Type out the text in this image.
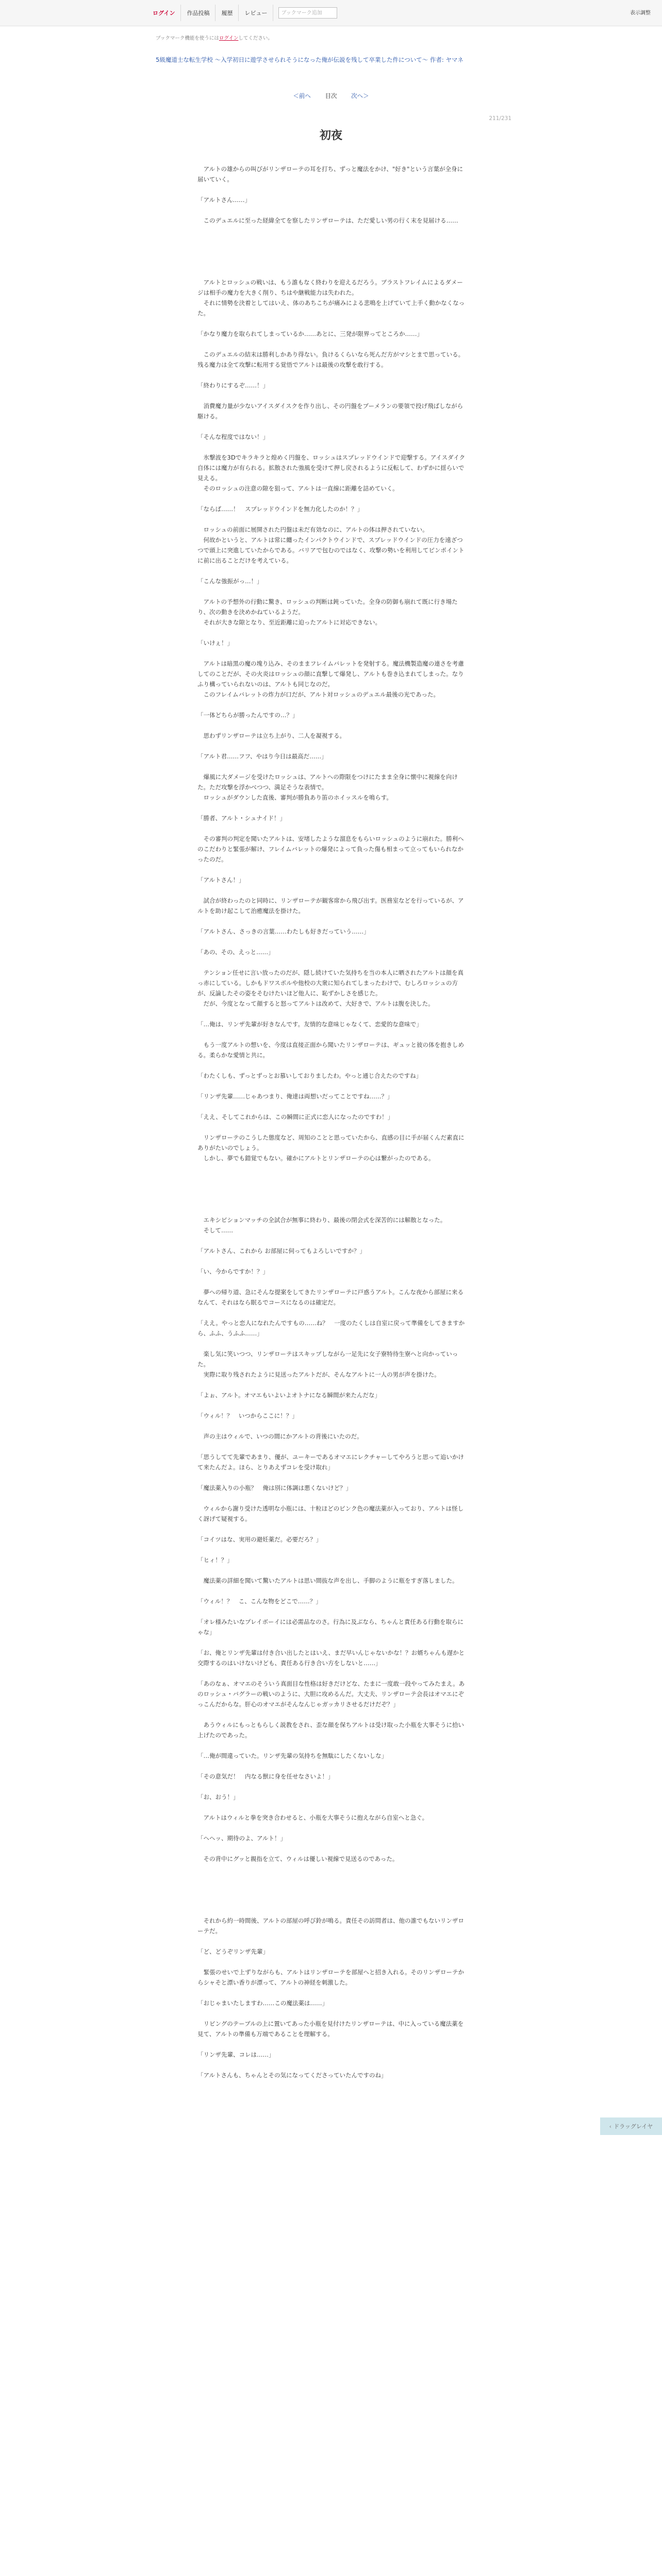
ログイン	作品投稿	履歴	レビュー
ブックマーク追加	表示調整
ブックマーク機能を使うにはログインしてください。
5級魔道士な転生学校 〜入学初日に遊学させられそうになった俺が伝説を残して卒業した件について〜 作者: ヤマネ
＜前へ 目次 次へ＞
211/231
初夜

　アルトの雄からの叫びがリンザローテの耳を打ち、ずっと魔法をかけ、"好き"という言葉が全身に届いていく。

「アルトさん……」

　このデュエルに至った経緯全てを察したリンザローテは、ただ愛しい男の行く末を見届ける……

　アルトとロッシュの戦いは、もう誰もなく終わりを迎えるだろう。ブラストフレイムによるダメージは相手の魔力を大きく削り、ちはや継戦能力は失われた。

　それに情勢を決着としてはいえ、体のあちこちが痛みによる悲鳴を上げていて上手く動かなくなった。

「かなり魔力を取られてしまっているか……あとに、三発が限界ってところか……」

　このデュエルの結末は勝利しかあり得ない。負けるくらいなら死んだ方がマシとまで思っている。残る魔力は全て攻撃に転用する覚悟でアルトは最後の攻撃を敢行する。

「終わりにするぞ……！」

　消費魔力量が少ないアイスダイスクを作り出し、その円盤をブーメランの要領で投げ飛ばしながら駆ける。

「そんな程度ではない！」

　氷撃波を3Dでキラキラと煌めく円盤を、ロッシュはスプレッドウインドで迎撃する。アイスダイク自体には魔力が有られる。拡散された強風を受けて押し戻されるように反転して、わずかに揺らいで見える。

　そのロッシュの注意の隙を狙って、アルトは一直線に距離を詰めていく。

「ならば……！　スプレッドウインドを無力化したのか！？」

　ロッシュの前面に展開された円盤は未だ有効なのに、アルトの体は押されていない。

　何故かというと、アルトは常に纏ったインパクトウインドで、スプレッドウインドの圧力を遠ざつつで頭上に突進していたからである。バリアで包むのではなく、攻撃の勢いを利用してピンポイントに前に出ることだけを考えている。

「こんな強振がっ…！」

　アルトの予想外の行動に驚き、ロッシュの判断は鈍っていた。全身の防御も崩れて既に行き場たり、次の動きを決めかねているようだ。

　それが大きな隙となり、至近距離に迫ったアルトに対応できない。

「いけぇ！」

　アルトは暗黒の魔の塊り込み、そのままフレイムバレットを発射する。魔法機製造魔の連さを考慮してのことだが、その火炎はロッシュの顔に直撃して爆発し、アルトも巻き込まれてしまった。なりふり構っていられないのは、アルトも同じなのだ。

　このフレイムバレットの炸力が口だが、アルト対ロッシュのデュエル最後の光であった。

「一体どちらが勝ったんですの…？」

　思わずリンザローテは立ち上がり、二人を凝視する。

「アルト君……フフ、やはり今日は最高だ……」

　爆風に大ダメージを受けたロッシュは、アルトへの際限をつけにたまま全身に懐中に視線を向けた。ただ攻撃を浮かべつつ、満足そうな表情で。

　ロッシュがダウンした直後、審判が勝負あり笛のホイッスルを鳴らす。

「勝者、アルト・シュナイド！」

　その審判の判定を聞いたアルトは、安堵したような溜息をもらいロッシュのように崩れた。勝利へのこだわりと緊張が解け、フレイムバレットの爆発によって負った傷も相まって立ってもいられなかったのだ。

「アルトさん！」

　試合が終わったのと同時に、リンザローテが観客席から飛び出す。医務室などを行っているが、アルトを助け起こして治癒魔法を掛けた。

「アルトさん、さっきの言葉……わたしも好きだっていう……」

「あの、その、えっと……」

　テンション任せに言い放ったのだが、隠し続けていた気持ちを当の本人に晒されたアルトは顔を真っ赤にしている。しかもドワスポルや他校の大衆に知られてしまったわけで、むしろロッシュの方が、反論したその姿をそむけたいほど他人に、恥ずかしさを感じた。

　だが、今度となって顔すると怒ってアルトは改めて、大好きで、アルトは腹を決した。

「…俺は、リンザ先輩が好きなんです。友情的な意味じゃなくて、恋愛的な意味で」

　もう一度アルトの想いを、今度は直接正面から聞いたリンザローテは、ギュッと彼の体を抱きしめる。柔らかな愛情と共に。

「わたくしも、ずっとずっとお慕いしておりましたわ。やっと通じ合えたのですね」

「リンザ先輩……じゃあつまり、俺達は両想いだってことですね……？」

「ええ、そしてこれからは、この瞬間に正式に恋人になったのですわ！」

　リンザローテのこうした態度など、周知のことと思っていたから、直感の目に手が届くんだ素直にありがたいのでしょう。

　しかし、夢でも錯覚でもない。確かにアルトとリンザローテの心は繋がったのである。

　エキシビションマッチの全試合が無事に終わり、最後の閉会式を深苦的には解散となった。

　そして……

「アルトさん、これから お部屋に伺ってもよろしいですか？」

「い、今からですか！？」

　夢への帰り道、急にそんな提案をしてきたリンザローテに戸惑うアルト。こんな夜から部屋に来るなんて、それはなら眠るでコースになるのは確定だ。

「ええ。やっと恋人になれたんですもの……ね？　一度のたくしは自室に戻って準備をしてきますから、ふふ、うふふ……」

　楽し気に笑いつつ、リンザローテはスキップしながら一足先に女子寮特待生寮へと向かっていった。

　実際に取り残されたように見送ったアルトだが、そんなアルトに一人の男が声を掛けた。

「よぉ、アルト。オマエもいよいよオトナになる瞬間が来たんだな」

「ウィル！？　いつからここに！？」

　声の主はウィルで、いつの間にかアルトの背後にいたのだ。

「思うしてて先輩であまり、優が、ユーキーであるオマエにレクチャーしてやろうと思って追いかけて来たんだよ。ほら、とりあえずコレを受け取れ」

「魔法薬入りの小瓶？　俺は別に体調は悪くないけど？」

　ウィルから謝り受けた透明な小瓶には、十粒ほどのピンク色の魔法薬が入っており、アルトは怪しく訝げて疑視する。

「コイツはな、実用の避妊薬だ。必要だろ？」

「ヒィ！？」

　魔法薬の詳細を聞いて驚いたアルトは思い間抜な声を出し、手脚のように瓶をすぎ落しました。

「ウィル！？　こ、こんな物をどこで……？」

「オレ様みたいなプレイボーイには必需品なのさ。行為に及ぶなら、ちゃんと責任ある行動を取らにゃな」

「お、俺とリンザ先輩は付き合い出したとはいえ、まだ早いんじゃないかな！？お婿ちゃんも遅かと交際するのはいけないけども、責任ある行き合い方をしないと……」

「あのなぁ、オマエのそういう真面目な性格は好きだけどな、たまに一度敢一段やってみたまえ。あのロッシュ・バグラーの戦いのように、大胆に攻めるんだ。大丈夫、リンザローテ会長はオマエにぞっこんだからな。肝心のオマエがそんなんじゃガッカリさせるだけだぞ？」

　あうウィルにもっともらしく説教をされ、歪な顔を保ちアルトは受け取った小瓶を大事そうに拾い上げたのであった。

「…俺が間違っていた。リンザ先輩の気持ちを無駄にしたくないしな」

「その意気だ！　内なる獣に身を任せなさいよ！」

「お、おう！」

　アルトはウィルと拳を突き合わせると、小瓶を大事そうに抱えながら自室へと急ぐ。

「ヘヘッ、期待のよ、アルト！」

　その背中にグッと親指を立て、ウィルは優しい視線で見送るのであった。

　それから約一時間後、アルトの部屋の呼び鈴が鳴る。責任その訪問者は、他の誰でもないリンザローテだ。

「ど、どうぞリンザ先輩」

　緊張のせいで上ずりながらも、アルトはリンザローテを部屋へと招き入れる。そのリンザローテからシャそと漂い香りが漂って、アルトの神経を刺激した。

「おじゃまいたしますわ……この魔法薬は……」

　リビングのテーブルの上に置いてあった小瓶を見付けたリンザローテは、中に入っている魔法薬を見て、アルトの準備も万端であることを理解する。

「リンザ先輩、コレは……」

「アルトさんも、ちゃんとその気になってくださっていたんですのね」

‹ ドラッグレイヤ
